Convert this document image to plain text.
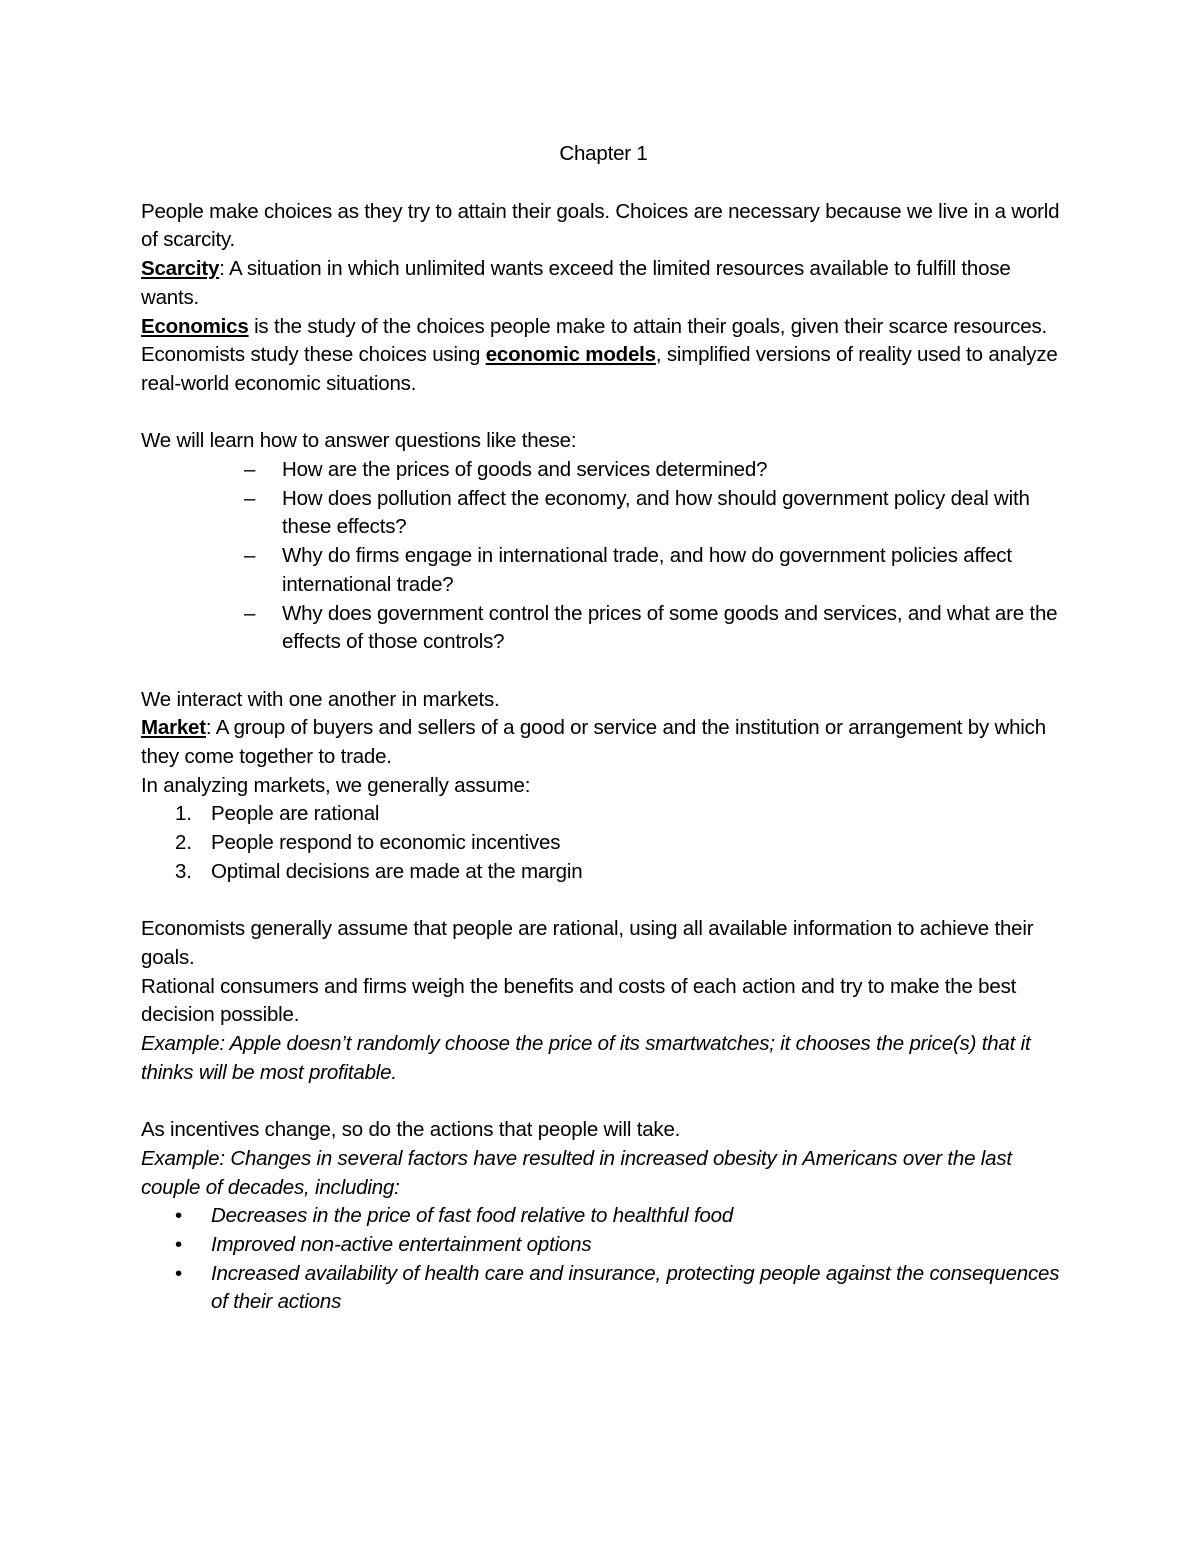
Chapter 1

People make choices as they try to attain their goals. Choices are necessary because we live in a world of scarcity.

Scarcity: A situation in which unlimited wants exceed the limited resources available to fulfill those wants.

Economics is the study of the choices people make to attain their goals, given their scarce resources.

Economists study these choices using economic models, simplified versions of reality used to analyze real-world economic situations.

We will learn how to answer questions like these:

– How are the prices of goods and services determined?
– How does pollution affect the economy, and how should government policy deal with these effects?
– Why do firms engage in international trade, and how do government policies affect international trade?
– Why does government control the prices of some goods and services, and what are the effects of those controls?

We interact with one another in markets.

Market: A group of buyers and sellers of a good or service and the institution or arrangement by which they come together to trade.

In analyzing markets, we generally assume:

1. People are rational
2. People respond to economic incentives
3. Optimal decisions are made at the margin

Economists generally assume that people are rational, using all available information to achieve their goals.

Rational consumers and firms weigh the benefits and costs of each action and try to make the best decision possible.

Example: Apple doesn’t randomly choose the price of its smartwatches; it chooses the price(s) that it thinks will be most profitable.

As incentives change, so do the actions that people will take.

Example: Changes in several factors have resulted in increased obesity in Americans over the last couple of decades, including:

• Decreases in the price of fast food relative to healthful food
• Improved non-active entertainment options
• Increased availability of health care and insurance, protecting people against the consequences of their actions
